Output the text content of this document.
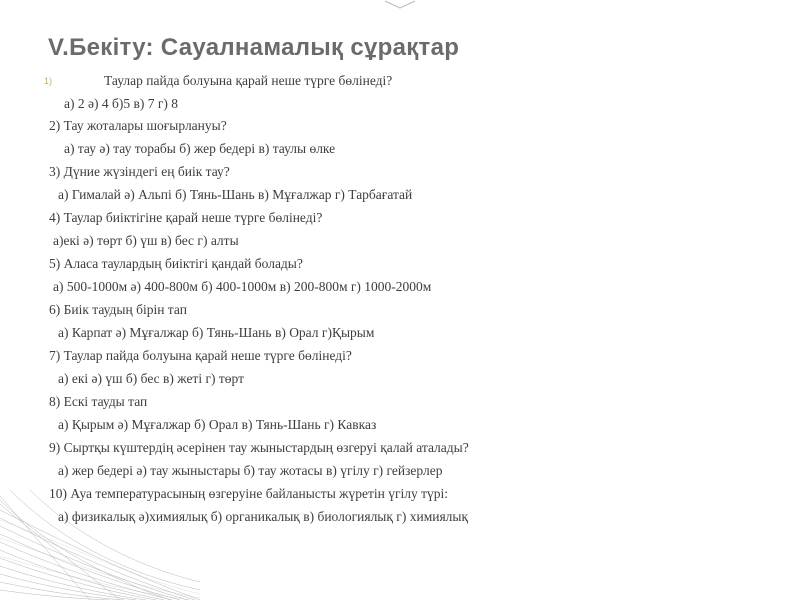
V.Бекіту: Сауалнамалық сұрақтар
1)	Таулар пайда болуына қарай неше түрге бөлінеді?
а) 2 ә) 4 б)5 в) 7 г) 8
2) Тау жоталары шоғырлануы?
а) тау ә) тау торабы б) жер бедері в) таулы өлке
3) Дүние жүзіндегі ең биік тау?
а) Гималай ә) Альпі б) Тянь-Шань в) Мұғалжар г) Тарбағатай
4) Таулар биіктігіне қарай неше түрге бөлінеді?
а)екі ә) төрт б) үш в) бес г) алты
5) Аласа таулардың биіктігі қандай болады?
а) 500-1000м ә) 400-800м б) 400-1000м в) 200-800м г) 1000-2000м
6) Биік таудың бірін тап
а) Карпат ә) Мұғалжар б) Тянь-Шань в) Орал г)Қырым
7) Таулар пайда болуына қарай неше түрге бөлінеді?
а) екі ә) үш б) бес в) жеті г) төрт
8) Ескі тауды тап
а) Қырым ә) Мұғалжар б) Орал в) Тянь-Шань г) Кавказ
9) Сыртқы күштердің әсерінен тау жыныстардың өзгеруі қалай аталады?
а) жер бедері ә) тау жыныстары б) тау жотасы в) үгілу г) гейзерлер
10) Ауа температурасының өзгеруіне байланысты жүретін үгілу түрі:
а) физикалық ә)химиялық б) органикалық в) биологиялық г) химиялық
